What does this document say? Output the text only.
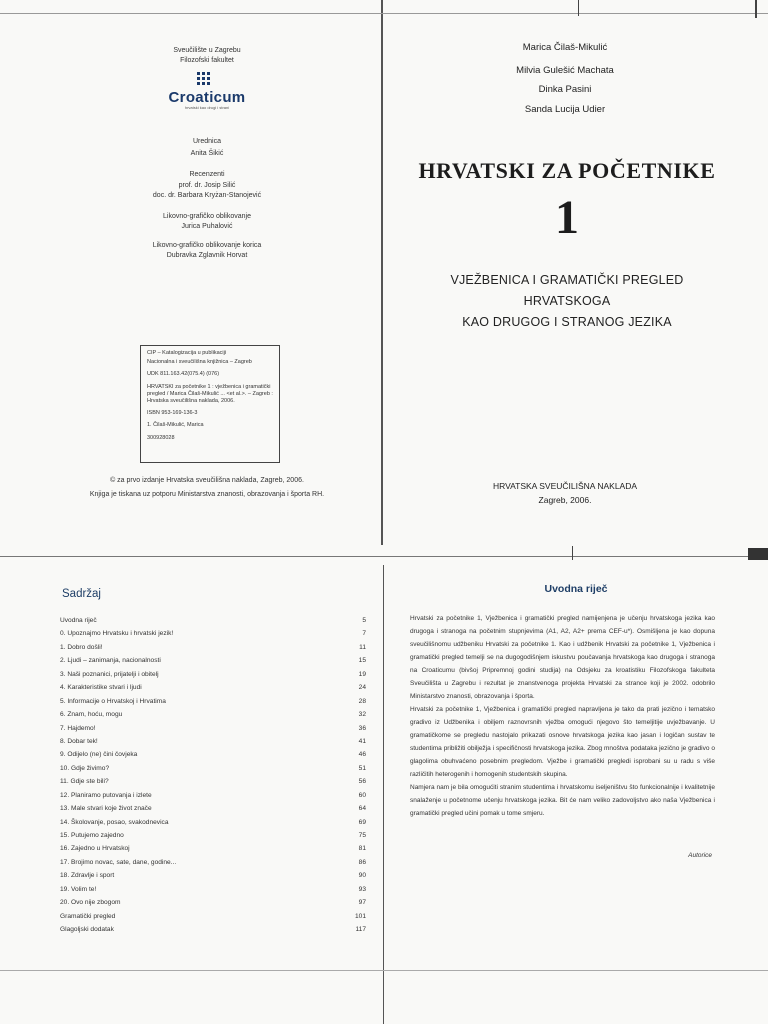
Sveučilište u Zagrebu
Filozofski fakultet
Croaticum
hrvatski kao drugi i strani
Urednica
Anita Šikić
Recenzenti
prof. dr. Josip Silić
doc. dr. Barbara Kryżan-Stanojević
Likovno-grafičko oblikovanje
Jurica Puhalović
Likovno-grafičko oblikovanje korica
Dubravka Zglavnik Horvat
CIP – Katalogizacija u publikaciji
Nacionalna i sveučilišna knjižnica – Zagreb
UDK 811.163.42(075.4) (076)
HRVATSKI za početnike 1 : vježbenica i gramatički pregled / Marica Čilaš-Mikulić ... <et al.>. – Zagreb : Hrvatska sveučilišna naklada, 2006.
ISBN 953-169-136-3
1. Čilaš-Mikulić, Marica
300928028
© za prvo izdanje Hrvatska sveučilišna naklada, Zagreb, 2006.
Knjiga je tiskana uz potporu Ministarstva znanosti, obrazovanja i športa RH.
Marica Čilaš-Mikulić
Milvia Gulešić Machata
Dinka Pasini
Sanda Lucija Udier
HRVATSKI ZA POČETNIKE
1
VJEŽBENICA I GRAMATIČKI PREGLED
HRVATSKOGA
KAO DRUGOG I STRANOG JEZIKA
HRVATSKA SVEUČILIŠNA NAKLADA
Zagreb, 2006.
Sadržaj
Uvodna riječ	5
0. Upoznajmo Hrvatsku i hrvatski jezik!	7
1. Dobro došli!	11
2. Ljudi – zanimanja, nacionalnosti	15
3. Naši poznanici, prijatelji i obitelj	19
4. Karakteristike stvari i ljudi	24
5. Informacije o Hrvatskoj i Hrvatima	28
6. Znam, hoću, mogu	32
7. Hajdemo!	36
8. Dobar tek!	41
9. Odijelo (ne) čini čovjeka	46
10. Gdje živimo?	51
11. Gdje ste bili?	56
12. Planiramo putovanja i izlete	60
13. Male stvari koje život znače	64
14. Školovanje, posao, svakodnevica	69
15. Putujemo zajedno	75
16. Zajedno u Hrvatskoj	81
17. Brojimo novac, sate, dane, godine...	86
18. Zdravlje i sport	90
19. Volim te!	93
20. Ovo nije zbogom	97
Gramatički pregled	101
Glagoljski dodatak	117
Uvodna riječ

Hrvatski za početnike 1, Vježbenica i gramatički pregled namijenjena je učenju hrvatskoga jezika kao drugoga i stranoga na početnim stupnjevima (A1, A2, A2+ prema CEF-u*). Osmišljena je kao dopuna sveučilišnomu udžbeniku Hrvatski za početnike 1. Kao i udžbenik Hrvatski za početnike 1, Vježbenica i gramatički pregled temelji se na dugogodišnjem iskustvu poučavanja hrvatskoga kao drugoga i stranoga na Croaticumu (bivšoj Pripremnoj godini studija) na Odsjeku za kroatistiku Filozofskoga fakulteta Sveučilišta u Zagrebu i rezultat je znanstvenoga projekta Hrvatski za strance koji je 2002. odobrilo Ministarstvo znanosti, obrazovanja i športa.

Hrvatski za početnike 1, Vježbenica i gramatički pregled napravljena je tako da prati jezično i tematsko gradivo iz Udžbenika i obiljem raznovrsnih vježba omogući njegovo što temeljitije uvježbavanje. U gramatičkome se pregledu nastojalo prikazati osnove hrvatskoga jezika kao jasan i logičan sustav te studentima približiti obilježja i specifičnosti hrvatskoga jezika. Zbog mnoštva podataka jezično je gradivo o glagolima obuhvaćeno posebnim pregledom. Vježbe i gramatički pregledi isprobani su u radu s više različitih heterogenih i homogenih studentskih skupina.

Namjera nam je bila omogućiti stranim studentima i hrvatskomu iseljeništvu što funkcionalnije i kvalitetnije snalaženje u početnome učenju hrvatskoga jezika. Bit će nam veliko zadovoljstvo ako naša Vježbenica i gramatički pregled učini pomak u tome smjeru.

Autorice
